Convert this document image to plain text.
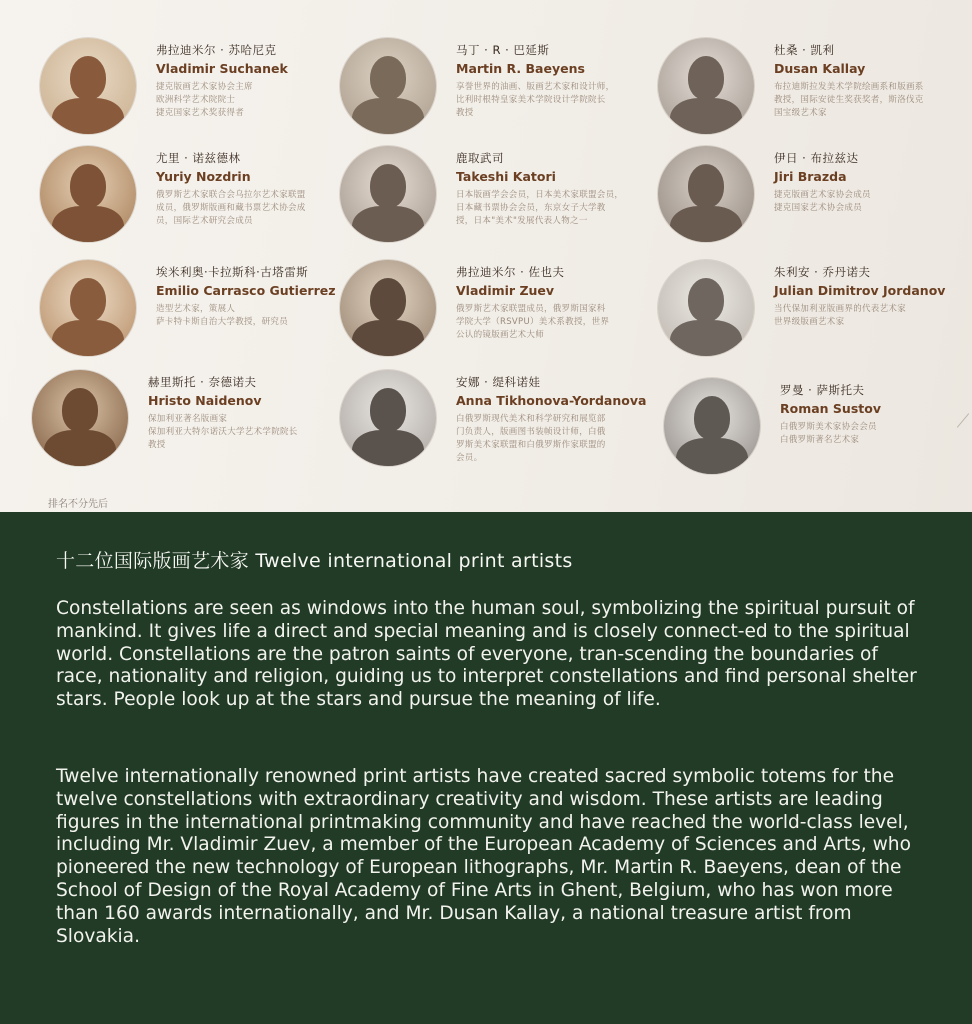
弗拉迪米尔 · 苏哈尼克
Vladimir Suchanek
捷克版画艺术家协会主席
欧洲科学艺术院院士
捷克国家艺术奖获得者
马丁 · R · 巴延斯
Martin R. Baeyens
享誉世界的油画、版画艺术家和设计师，
比利时根特皇家美术学院设计学院院长
教授
杜桑 · 凯利
Dusan Kallay
布拉迪斯拉发美术学院绘画系和版画系
教授，国际安徒生奖获奖者，斯洛伐克
国宝级艺术家
尤里 · 诺兹德林
Yuriy Nozdrin
俄罗斯艺术家联合会乌拉尔艺术家联盟
成员，俄罗斯版画和藏书票艺术协会成
员，国际艺术研究会成员
鹿取武司
Takeshi Katori
日本版画学会会员，日本美术家联盟会员，
日本藏书票协会会员，东京女子大学教
授，日本"美术"发展代表人物之一
伊日 · 布拉兹达
Jiri Brazda
捷克版画艺术家协会成员
捷克国家艺术协会成员
埃米利奥·卡拉斯科·古塔雷斯
Emilio Carrasco Gutierrez
造型艺术家，策展人
萨卡特卡斯自治大学教授，研究员
弗拉迪米尔 · 佐也夫
Vladimir Zuev
俄罗斯艺术家联盟成员，俄罗斯国家科
学院大学（RSVPU）美术系教授，世界
公认的镜版画艺术大师
朱利安 · 乔丹诺夫
Julian Dimitrov Jordanov
当代保加利亚版画界的代表艺术家
世界级版画艺术家
赫里斯托 · 奈德诺夫
Hristo Naidenov
保加利亚著名版画家
保加利亚大特尔诺沃大学艺术学院院长
教授
安娜 · 缇科诺娃
Anna Tikhonova-Yordanova
白俄罗斯现代美术和科学研究和展览部
门负责人，版画图书装帧设计师，白俄
罗斯美术家联盟和白俄罗斯作家联盟的
会员。
罗曼 · 萨斯托夫
Roman Sustov
白俄罗斯美术家协会会员
白俄罗斯著名艺术家
排名不分先后
十二位国际版画艺术家 Twelve international print artists
Constellations are seen as windows into the human soul, symbolizing the spiritual pursuit of mankind. It gives life a direct and special meaning and is closely connect-ed to the spiritual world. Constellations are the patron saints of everyone, tran-scending the boundaries of race, nationality and religion, guiding us to interpret constellations and find personal shelter stars. People look up at the stars and pursue the meaning of life.
Twelve internationally renowned print artists have created sacred symbolic totems for the twelve constellations with extraordinary creativity and wisdom. These artists are leading figures in the international printmaking community and have reached the world-class level, including Mr. Vladimir Zuev, a member of the European Academy of Sciences and Arts, who pioneered the new technology of European lithographs, Mr. Martin R. Baeyens, dean of the School of Design of the Royal Academy of Fine Arts in Ghent, Belgium, who has won more than 160 awards internationally, and Mr. Dusan Kallay, a national treasure artist from Slovakia.
